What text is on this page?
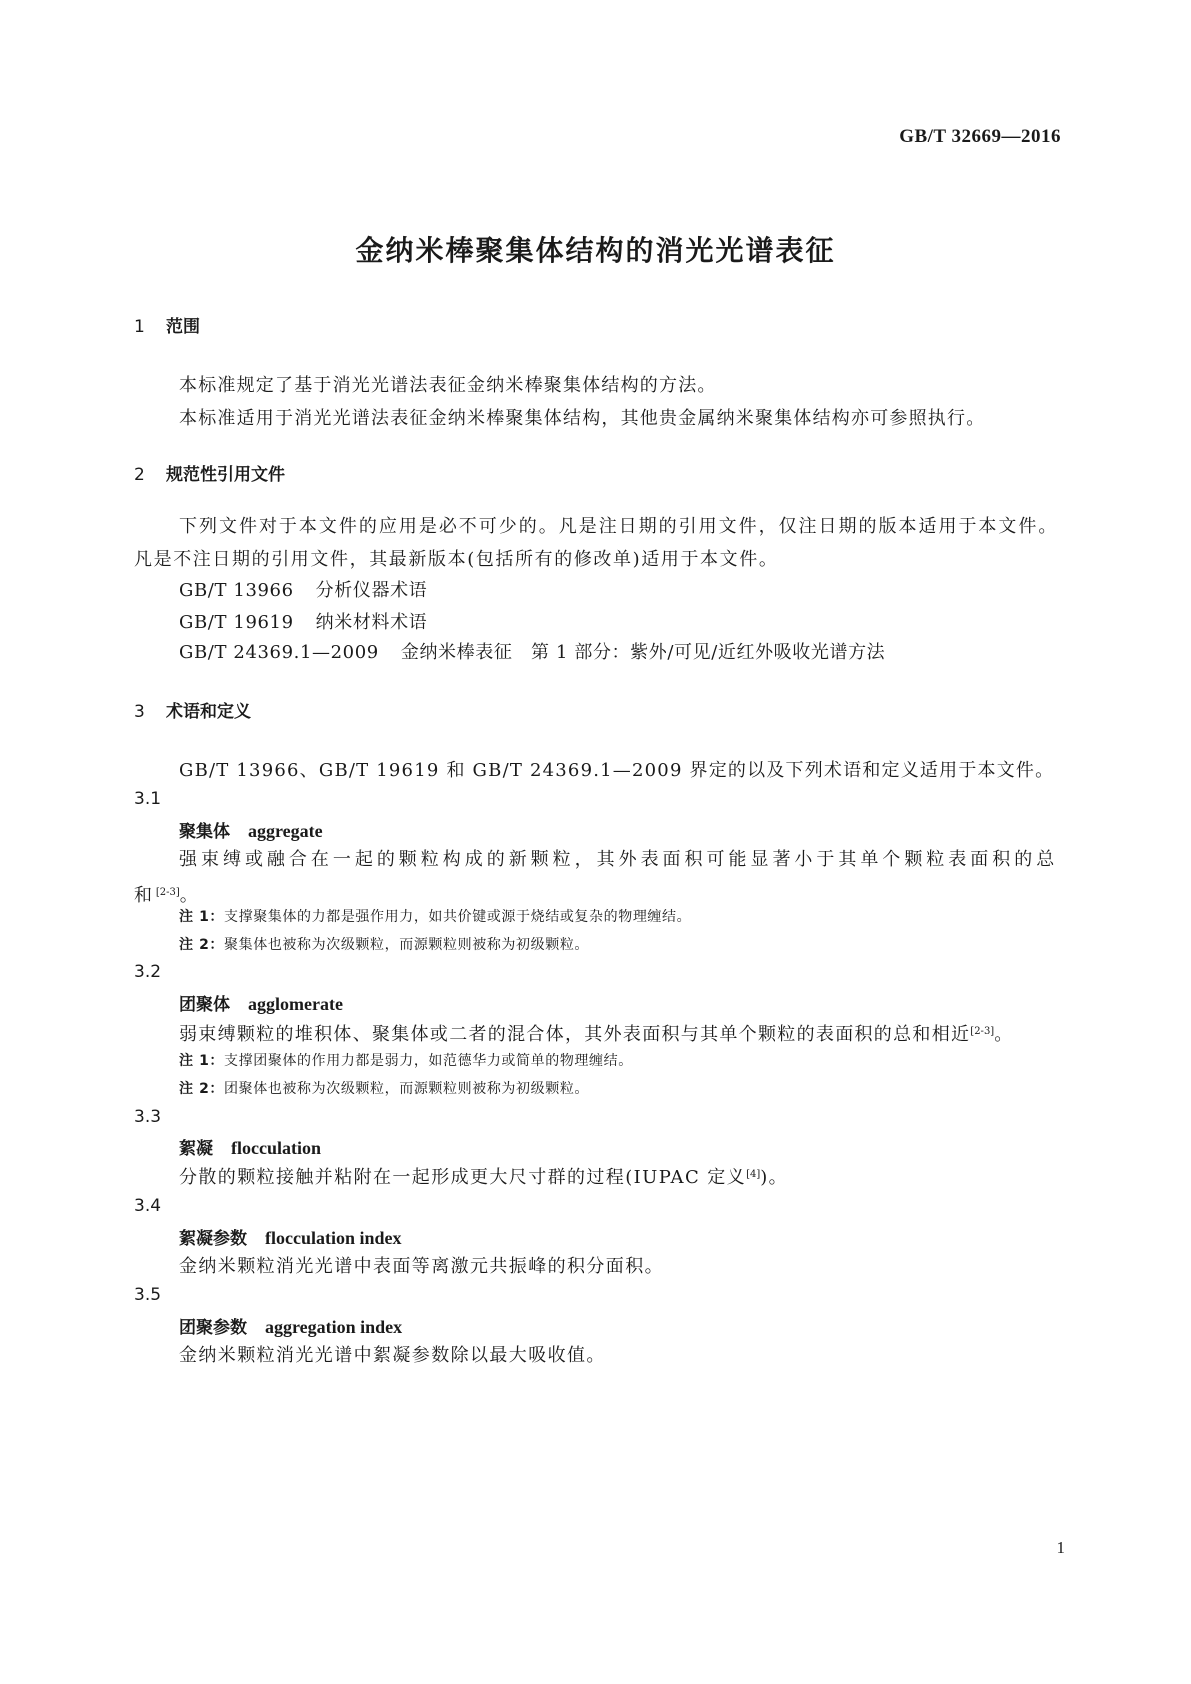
GB/T 32669—2016
金纳米棒聚集体结构的消光光谱表征
1 范围
本标准规定了基于消光光谱法表征金纳米棒聚集体结构的方法。
本标准适用于消光光谱法表征金纳米棒聚集体结构，其他贵金属纳米聚集体结构亦可参照执行。
2 规范性引用文件
下列文件对于本文件的应用是必不可少的。凡是注日期的引用文件，仅注日期的版本适用于本文件。凡是不注日期的引用文件，其最新版本(包括所有的修改单)适用于本文件。
GB/T 13966 分析仪器术语
GB/T 19619 纳米材料术语
GB/T 24369.1—2009 金纳米棒表征　第 1 部分：紫外/可见/近红外吸收光谱方法
3 术语和定义
GB/T 13966、GB/T 19619 和 GB/T 24369.1—2009 界定的以及下列术语和定义适用于本文件。
3.1
聚集体 aggregate
强束缚或融合在一起的颗粒构成的新颗粒，其外表面积可能显著小于其单个颗粒表面积的总和[2-3]。
注 1：支撑聚集体的力都是强作用力，如共价键或源于烧结或复杂的物理缠结。
注 2：聚集体也被称为次级颗粒，而源颗粒则被称为初级颗粒。
3.2
团聚体 agglomerate
弱束缚颗粒的堆积体、聚集体或二者的混合体，其外表面积与其单个颗粒的表面积的总和相近[2-3]。
注 1：支撑团聚体的作用力都是弱力，如范德华力或简单的物理缠结。
注 2：团聚体也被称为次级颗粒，而源颗粒则被称为初级颗粒。
3.3
絮凝 flocculation
分散的颗粒接触并粘附在一起形成更大尺寸群的过程(IUPAC 定义[4])。
3.4
絮凝参数 flocculation index
金纳米颗粒消光光谱中表面等离激元共振峰的积分面积。
3.5
团聚参数 aggregation index
金纳米颗粒消光光谱中絮凝参数除以最大吸收值。
1
